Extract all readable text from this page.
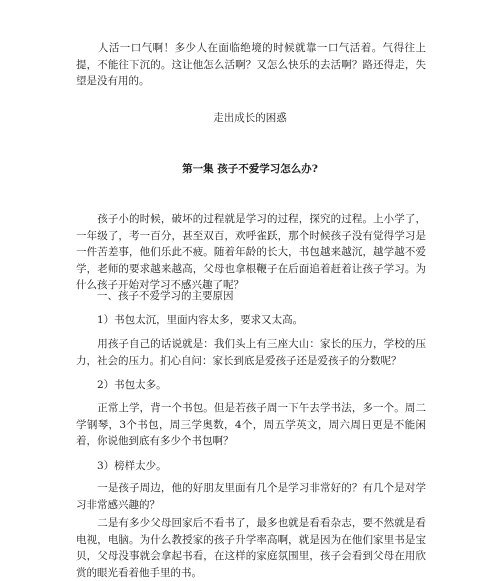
　　人活一口气啊！多少人在面临绝境的时候就靠一口气活着。气得往上提，不能往下沉的。这让他怎么活啊？又怎么快乐的去活啊？路还得走，失望是没有用的。

走出成长的困惑

第一集 孩子不爱学习怎么办?

　　孩子小的时候，破坏的过程就是学习的过程，探究的过程。上小学了，一年级了，考一百分，甚至双百，欢呼雀跃，那个时候孩子没有觉得学习是一件苦差事，他们乐此不疲。随着年龄的长大，书包越来越沉，越学越不爱学，老师的要求越来越高，父母也拿根鞭子在后面追着赶着让孩子学习。为什么孩子开始对学习不感兴趣了呢？

　　一、孩子不爱学习的主要原因

　　1）书包太沉，里面内容太多，要求又太高。

　　用孩子自己的话说就是：我们头上有三座大山：家长的压力，学校的压力，社会的压力。扪心自问：家长到底是爱孩子还是爱孩子的分数呢？

　　2）书包太多。

　　正常上学，背一个书包。但是若孩子周一下午去学书法，多一个。周二学钢琴，3个书包，周三学奥数，4个，周五学英文，周六周日更是不能闲着，你说他到底有多少个书包啊？

　　3）榜样太少。

　　一是孩子周边，他的好朋友里面有几个是学习非常好的？有几个是对学习非常感兴趣的？

　　二是有多少父母回家后不看书了，最多也就是看看杂志，要不然就是看电视，电脑。为什么教授家的孩子升学率高啊，就是因为在他们家里书是宝贝，父母没事就会拿起书看，在这样的家庭氛围里，孩子会看到父母在用欣赏的眼光看着他手里的书。
